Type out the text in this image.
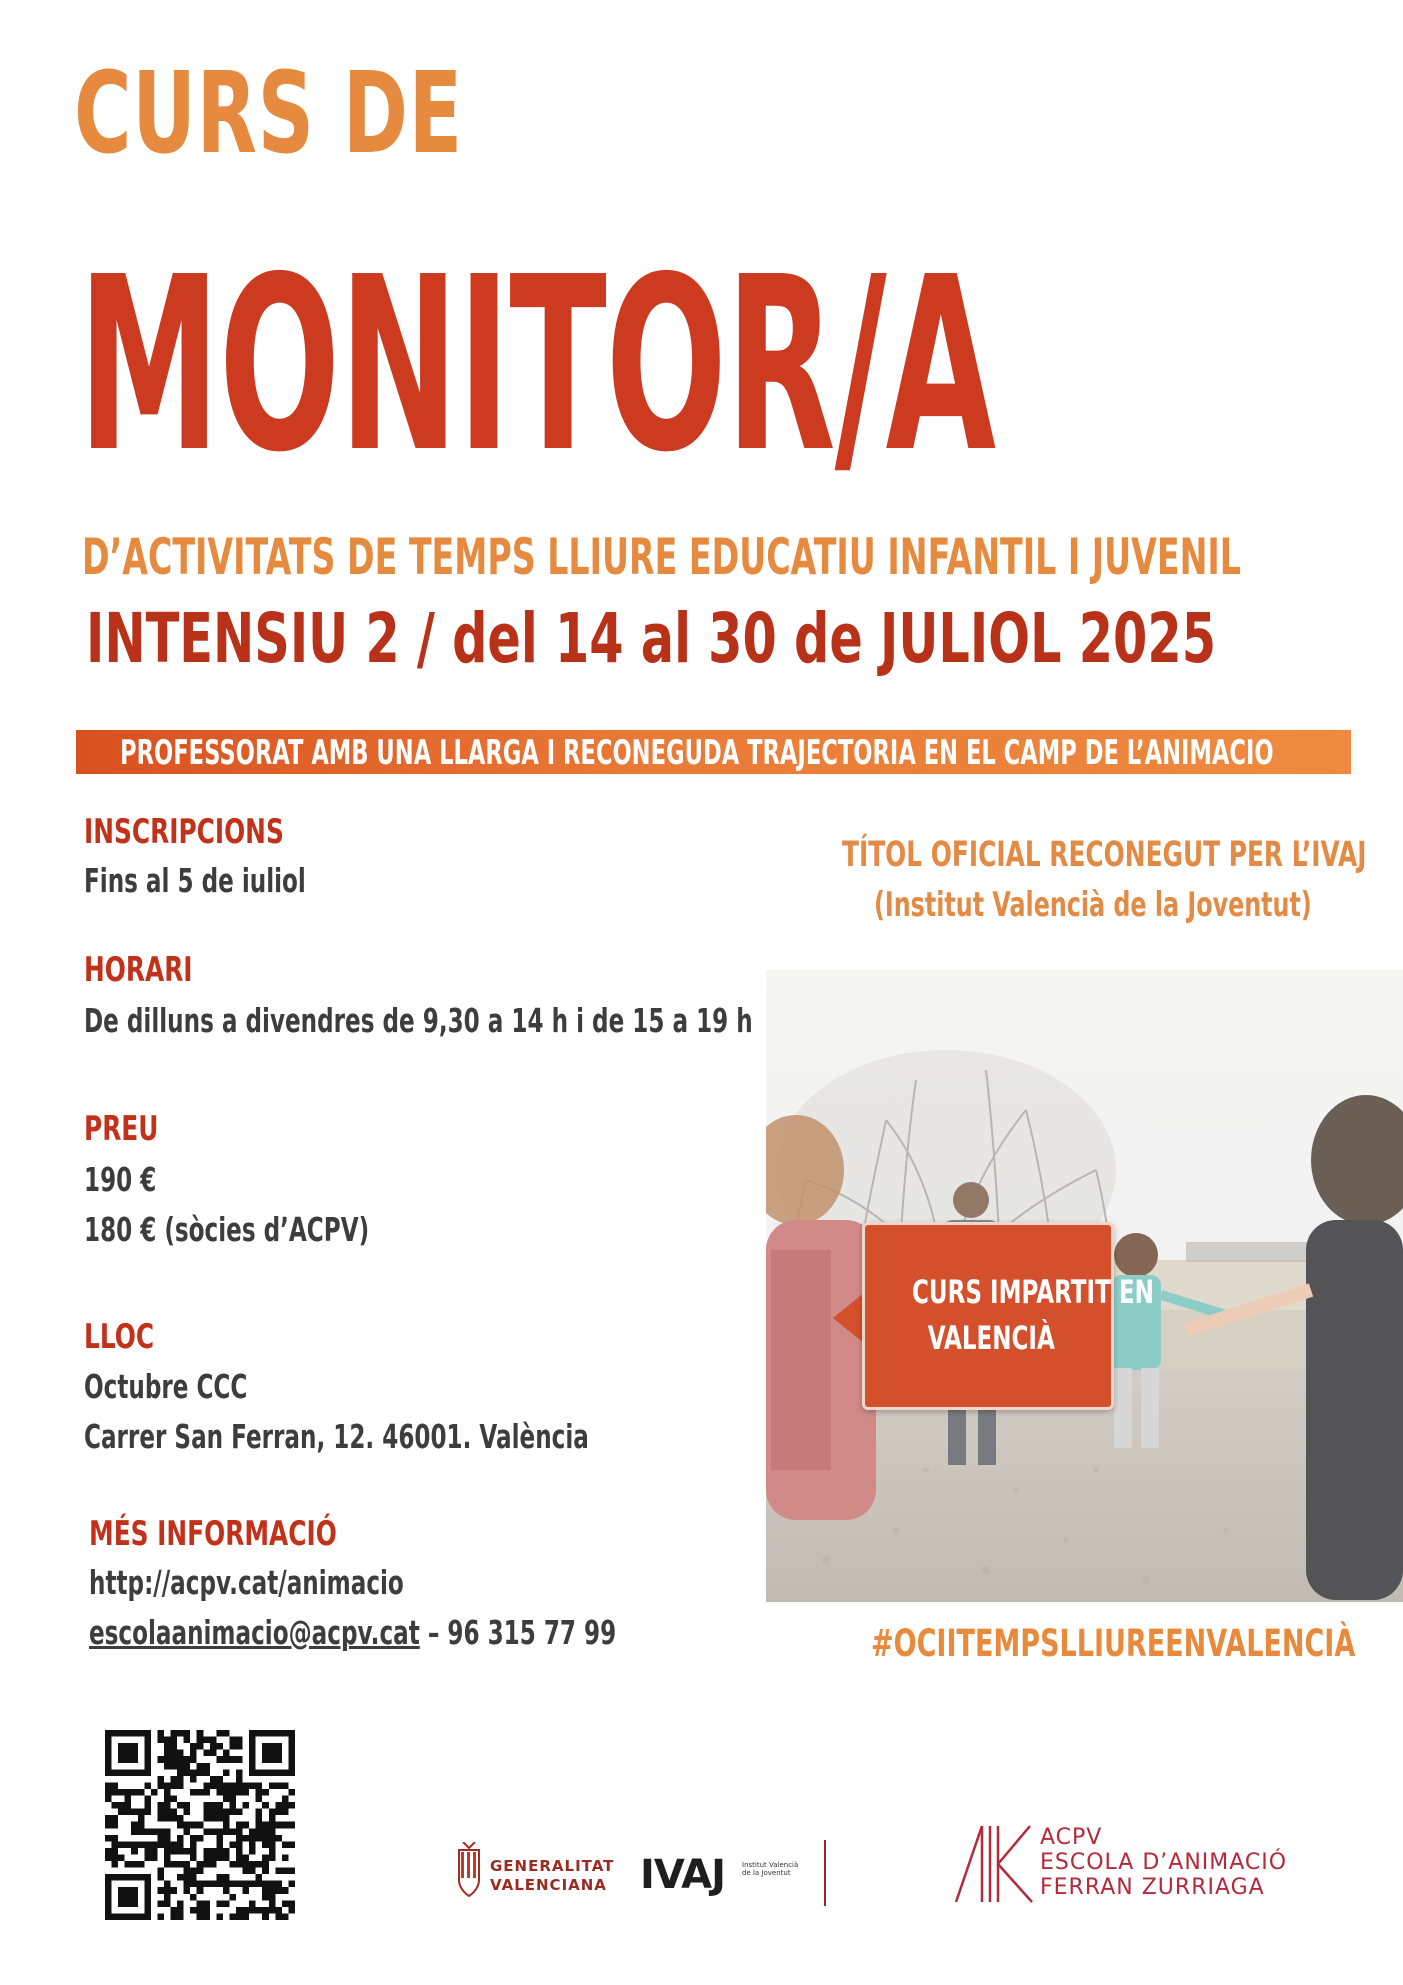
CURS DE
MONITOR/A
D’ACTIVITATS DE TEMPS LLIURE EDUCATIU INFANTIL I JUVENIL
INTENSIU 2 / del 14 al 30 de JULIOL 2025
PROFESSORAT AMB UNA LLARGA I RECONEGUDA TRAJECTORIA EN EL CAMP DE L’ANIMACIO
INSCRIPCIONS
Fins al 5 de iuliol
HORARI
De dilluns a divendres de 9,30 a 14 h i de 15 a 19 h
PREU
190 €
180 € (sòcies d’ACPV)
LLOC
Octubre CCC
Carrer San Ferran, 12. 46001. València
MÉS INFORMACIÓ
http://acpv.cat/animacio
escolaanimacio@acpv.cat – 96 315 77 99
TÍTOL OFICIAL RECONEGUT PER L’IVAJ
(Institut Valencià de la Joventut)
CURS IMPARTIT EN
VALENCIÀ
#OCIITEMPSLLIUREENVALENCIÀ
GENERALITAT
VALENCIANA IVAJ Institut Valencià
de la Joventut
ACPV
ESCOLA D’ANIMACIÓ
FERRAN ZURRIAGA
